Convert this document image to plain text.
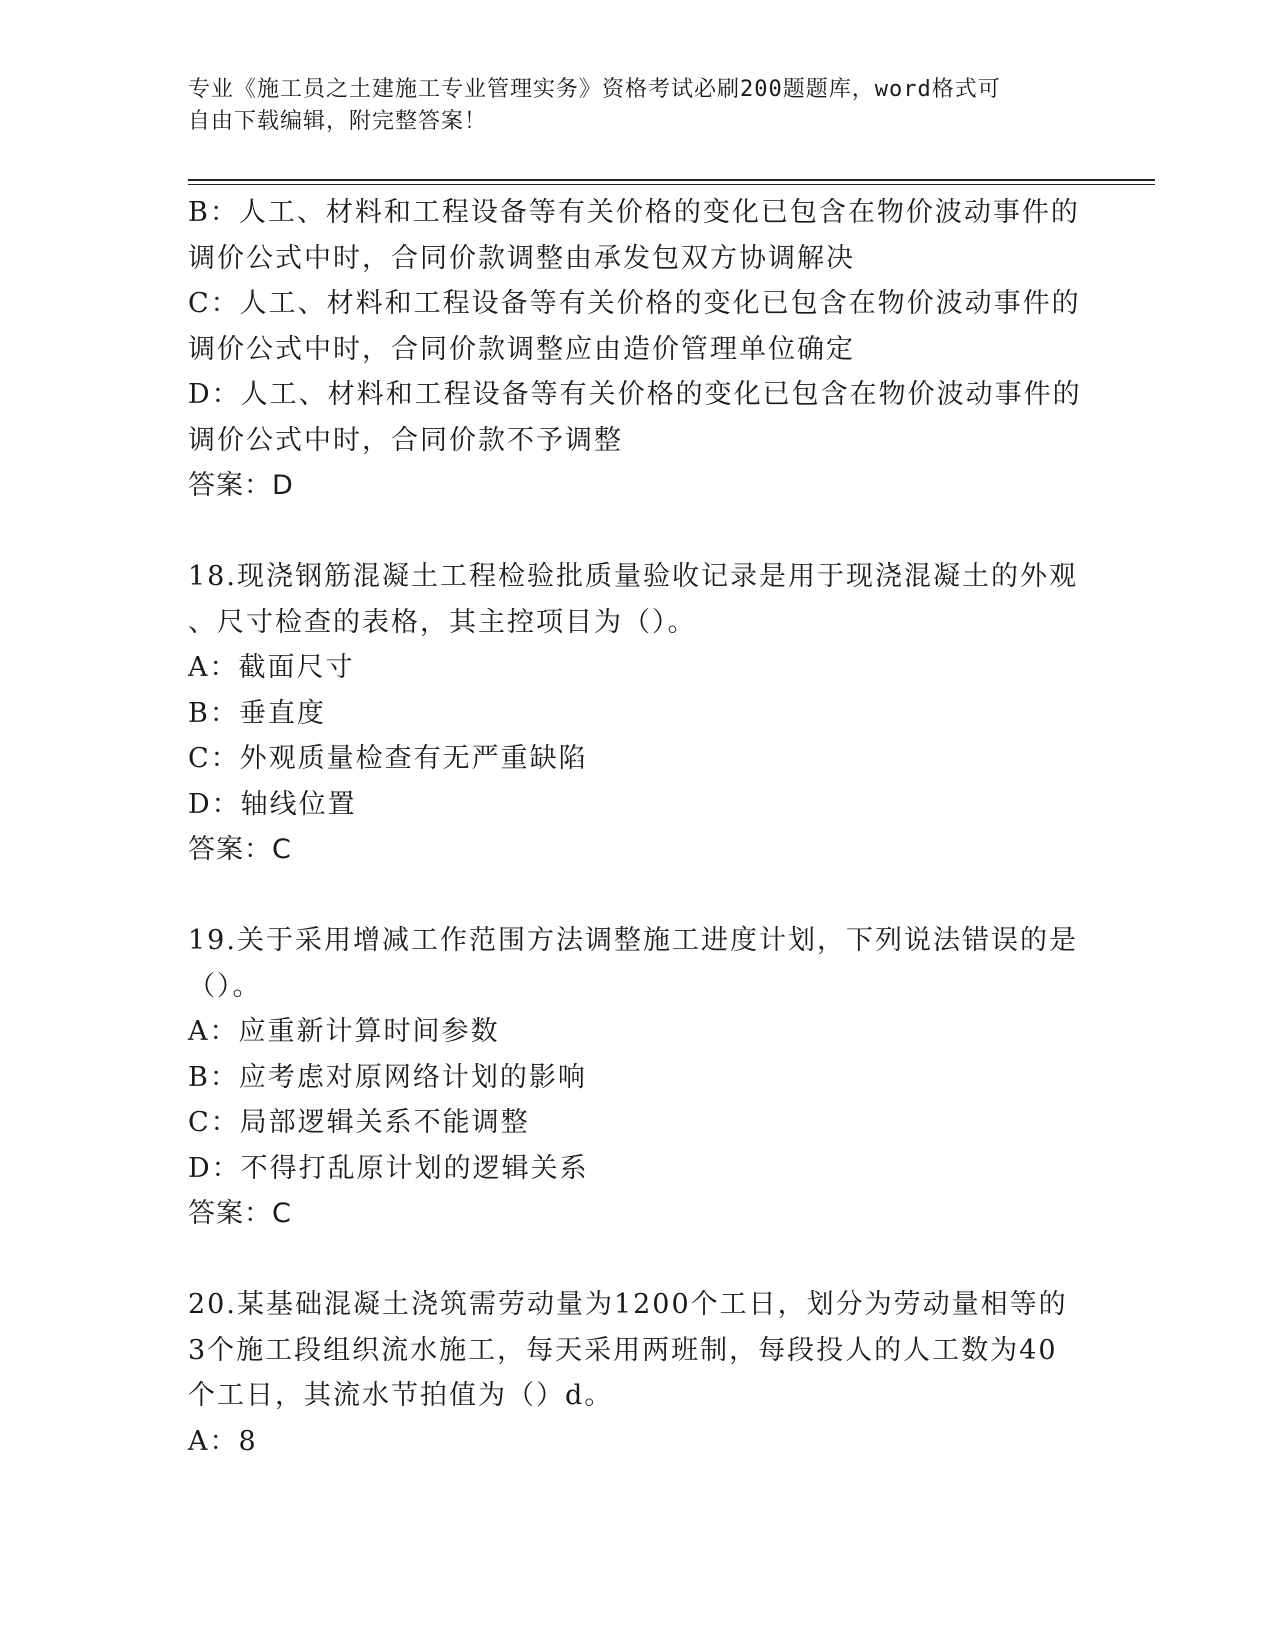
专业《施工员之土建施工专业管理实务》资格考试必刷200题题库，word格式可
自由下载编辑，附完整答案！
B：人工、材料和工程设备等有关价格的变化已包含在物价波动事件的
调价公式中时，合同价款调整由承发包双方协调解决
C：人工、材料和工程设备等有关价格的变化已包含在物价波动事件的
调价公式中时，合同价款调整应由造价管理单位确定
D：人工、材料和工程设备等有关价格的变化已包含在物价波动事件的
调价公式中时，合同价款不予调整
答案：D
18.现浇钢筋混凝土工程检验批质量验收记录是用于现浇混凝土的外观
、尺寸检查的表格，其主控项目为（）。
A：截面尺寸
B：垂直度
C：外观质量检查有无严重缺陷
D：轴线位置
答案：C
19.关于采用增减工作范围方法调整施工进度计划，下列说法错误的是
（）。
A：应重新计算时间参数
B：应考虑对原网络计划的影响
C：局部逻辑关系不能调整
D：不得打乱原计划的逻辑关系
答案：C
20.某基础混凝土浇筑需劳动量为1200个工日，划分为劳动量相等的
3个施工段组织流水施工，每天采用两班制，每段投人的人工数为40
个工日，其流水节拍值为（）d。
A：8
